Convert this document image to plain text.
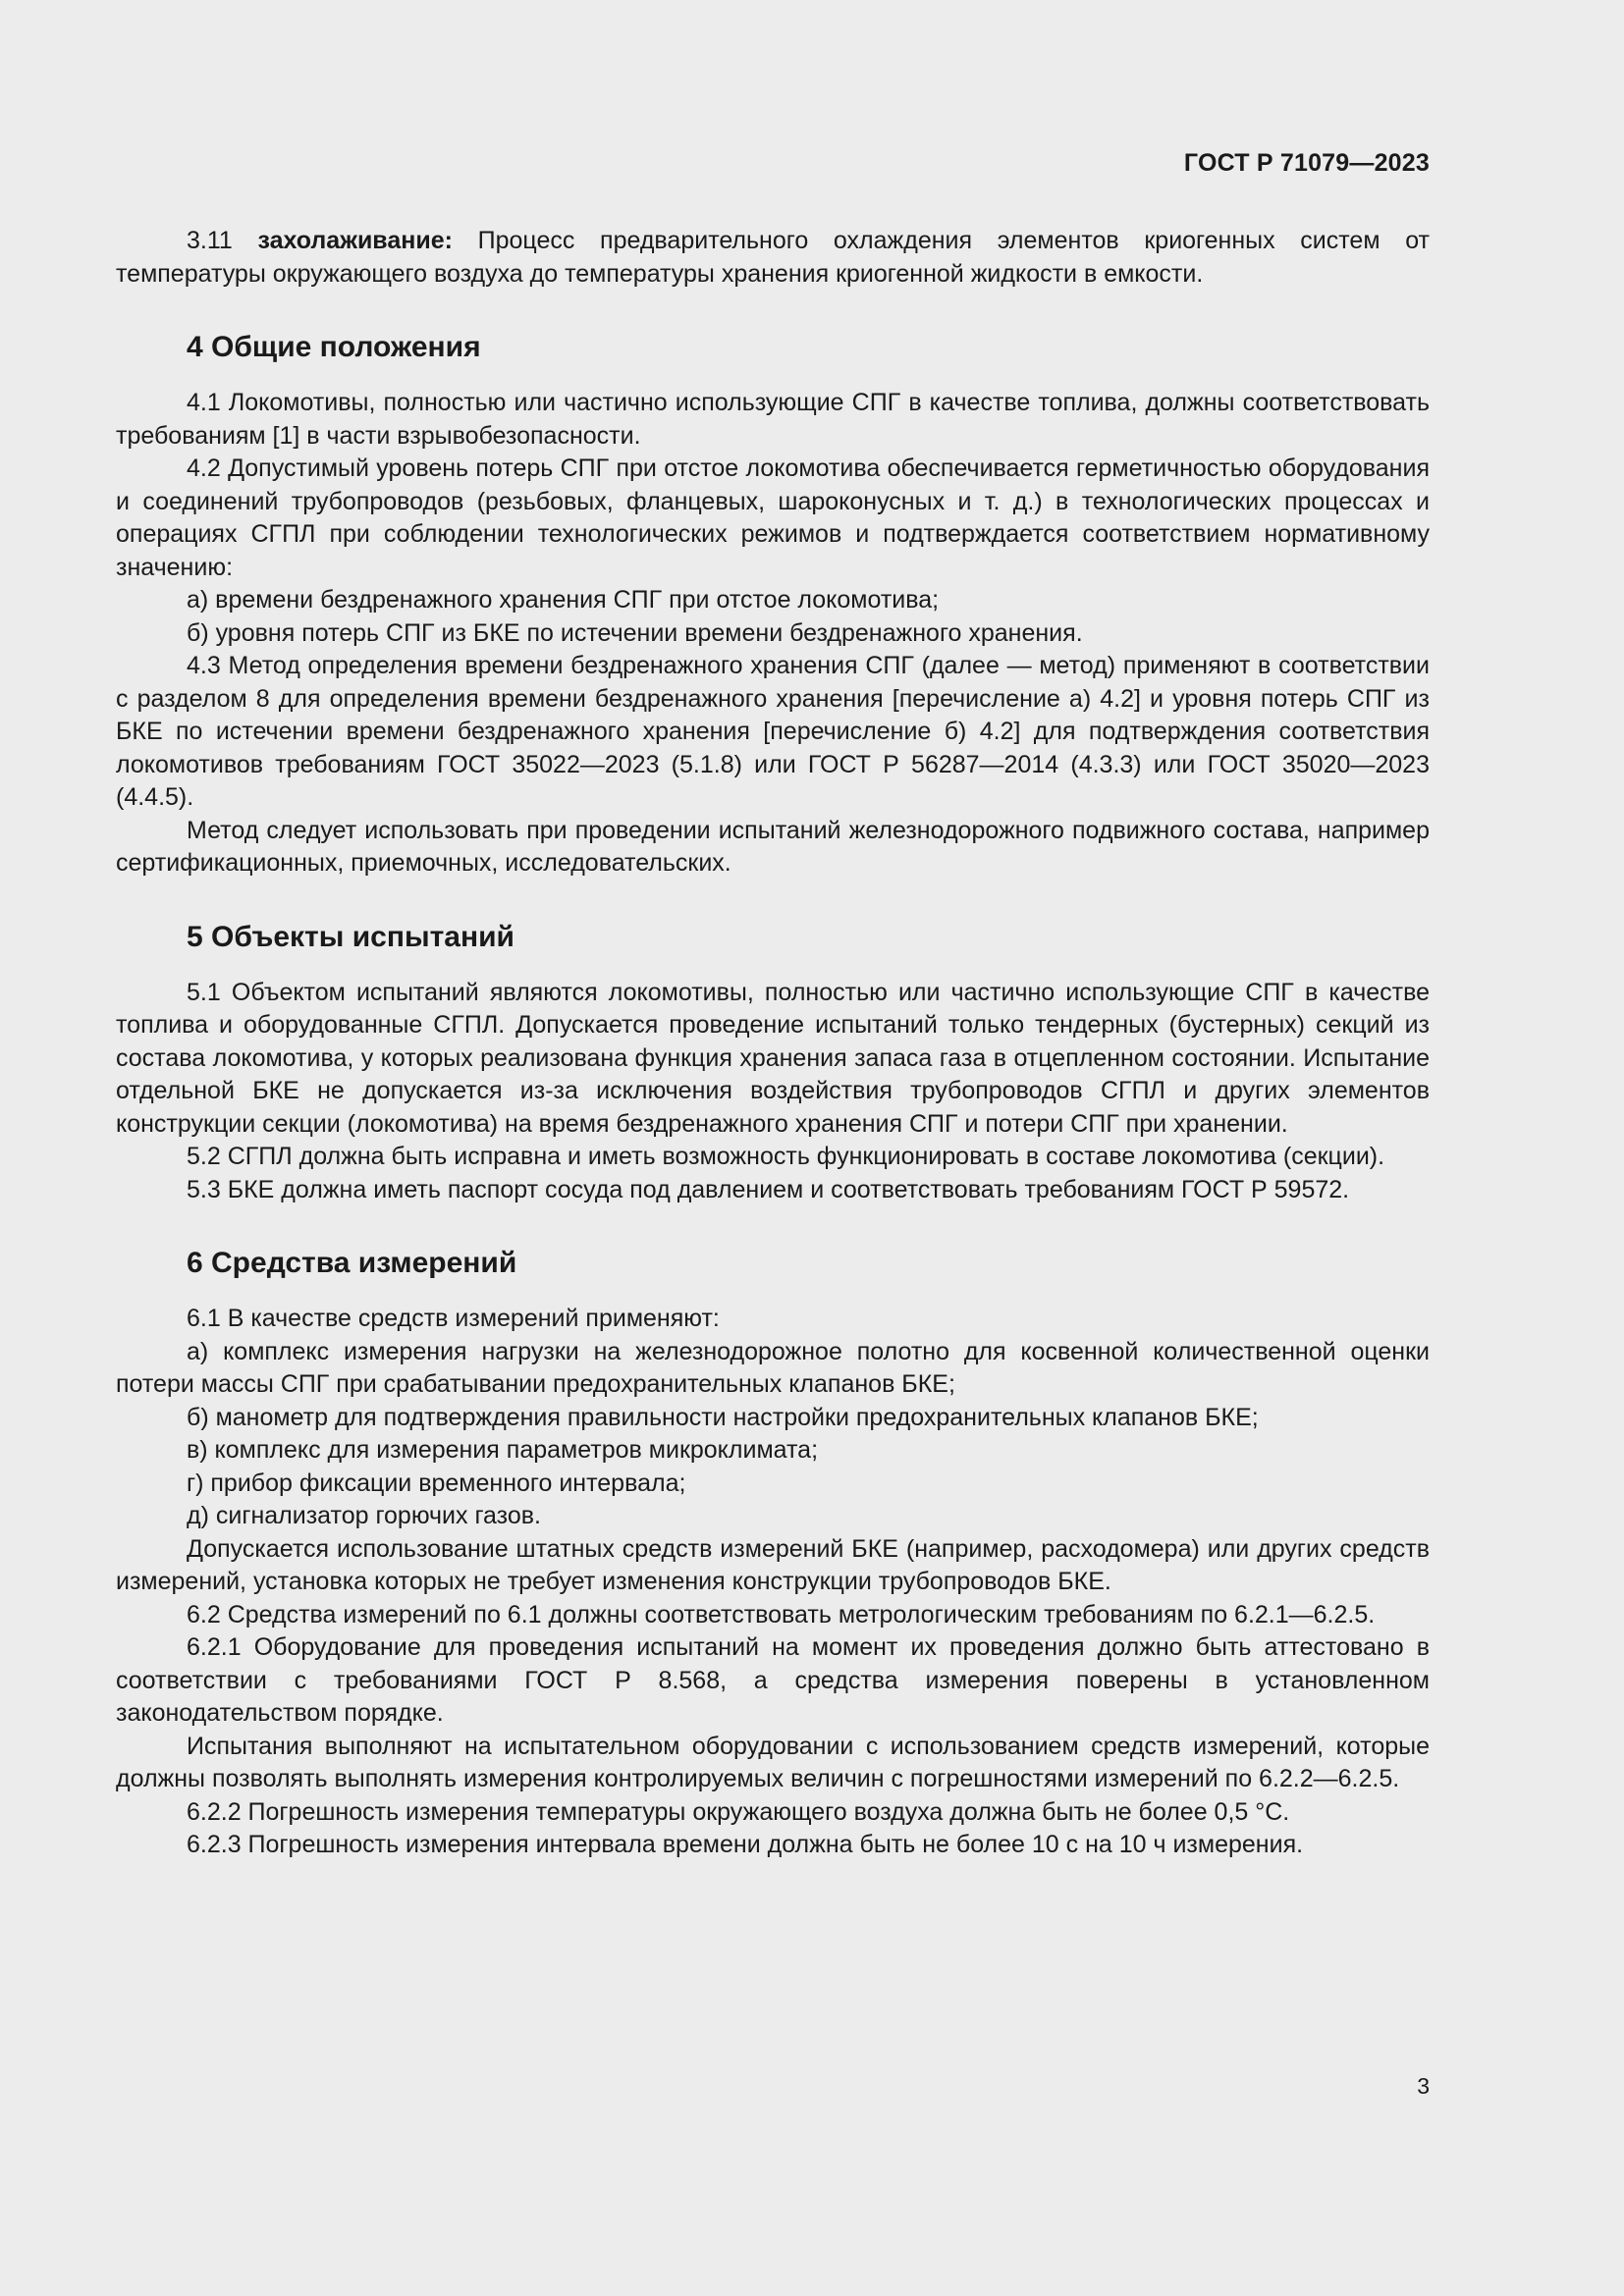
ГОСТ Р 71079—2023

3.11 захолаживание: Процесс предварительного охлаждения элементов криогенных систем от температуры окружающего воздуха до температуры хранения криогенной жидкости в емкости.

4 Общие положения

4.1 Локомотивы, полностью или частично использующие СПГ в качестве топлива, должны соответствовать требованиям [1] в части взрывобезопасности.

4.2 Допустимый уровень потерь СПГ при отстое локомотива обеспечивается герметичностью оборудования и соединений трубопроводов (резьбовых, фланцевых, шароконусных и т. д.) в технологических процессах и операциях СГПЛ при соблюдении технологических режимов и подтверждается соответствием нормативному значению:

а) времени бездренажного хранения СПГ при отстое локомотива;

б) уровня потерь СПГ из БКЕ по истечении времени бездренажного хранения.

4.3 Метод определения времени бездренажного хранения СПГ (далее — метод) применяют в соответствии с разделом 8 для определения времени бездренажного хранения [перечисление а) 4.2] и уровня потерь СПГ из БКЕ по истечении времени бездренажного хранения [перечисление б) 4.2] для подтверждения соответствия локомотивов требованиям ГОСТ 35022—2023 (5.1.8) или ГОСТ Р 56287—2014 (4.3.3) или ГОСТ 35020—2023 (4.4.5).

Метод следует использовать при проведении испытаний железнодорожного подвижного состава, например сертификационных, приемочных, исследовательских.

5 Объекты испытаний

5.1 Объектом испытаний являются локомотивы, полностью или частично использующие СПГ в качестве топлива и оборудованные СГПЛ. Допускается проведение испытаний только тендерных (бустерных) секций из состава локомотива, у которых реализована функция хранения запаса газа в отцепленном состоянии. Испытание отдельной БКЕ не допускается из-за исключения воздействия трубопроводов СГПЛ и других элементов конструкции секции (локомотива) на время бездренажного хранения СПГ и потери СПГ при хранении.

5.2 СГПЛ должна быть исправна и иметь возможность функционировать в составе локомотива (секции).

5.3 БКЕ должна иметь паспорт сосуда под давлением и соответствовать требованиям ГОСТ Р 59572.

6 Средства измерений

6.1 В качестве средств измерений применяют:

а) комплекс измерения нагрузки на железнодорожное полотно для косвенной количественной оценки потери массы СПГ при срабатывании предохранительных клапанов БКЕ;

б) манометр для подтверждения правильности настройки предохранительных клапанов БКЕ;

в) комплекс для измерения параметров микроклимата;

г) прибор фиксации временного интервала;

д) сигнализатор горючих газов.

Допускается использование штатных средств измерений БКЕ (например, расходомера) или других средств измерений, установка которых не требует изменения конструкции трубопроводов БКЕ.

6.2 Средства измерений по 6.1 должны соответствовать метрологическим требованиям по 6.2.1—6.2.5.

6.2.1 Оборудование для проведения испытаний на момент их проведения должно быть аттестовано в соответствии с требованиями ГОСТ Р 8.568, а средства измерения поверены в установленном законодательством порядке.

Испытания выполняют на испытательном оборудовании с использованием средств измерений, которые должны позволять выполнять измерения контролируемых величин с погрешностями измерений по 6.2.2—6.2.5.

6.2.2 Погрешность измерения температуры окружающего воздуха должна быть не более 0,5 °С.

6.2.3 Погрешность измерения интервала времени должна быть не более 10 с на 10 ч измерения.

3
